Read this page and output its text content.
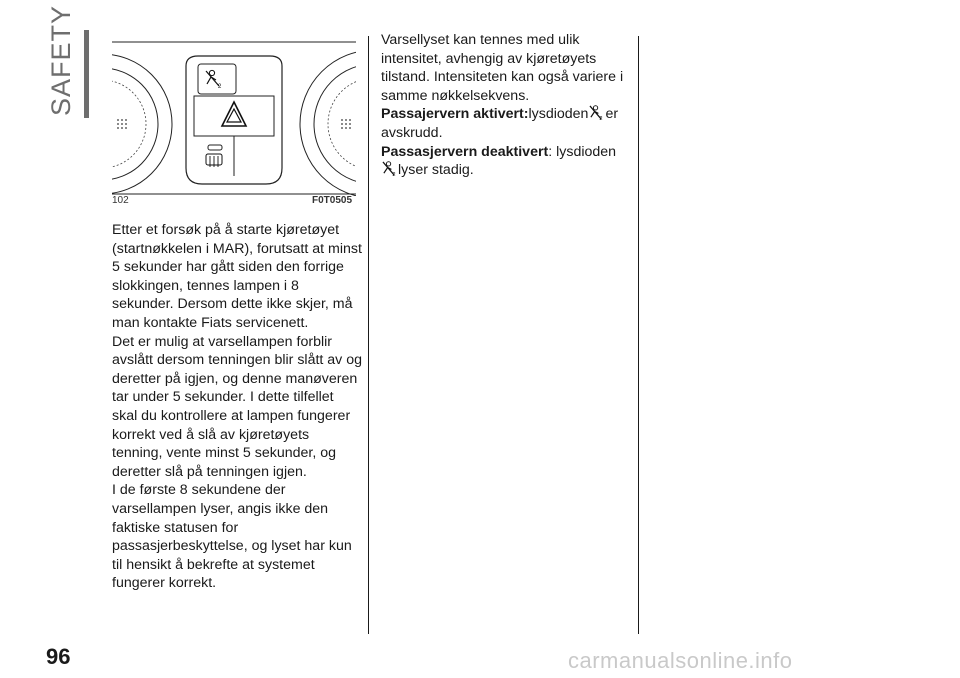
SAFETY	2
102	F0T0505

Etter et forsøk på å starte kjøretøyet (startnøkkelen i MAR), forutsatt at minst 5 sekunder har gått siden den forrige slokkingen, tennes lampen i 8 sekunder. Dersom dette ikke skjer, må man kontakte Fiats servicenett.

Det er mulig at varsellampen forblir avslått dersom tenningen blir slått av og deretter på igjen, og denne manøveren tar under 5 sekunder. I dette tilfellet skal du kontrollere at lampen fungerer korrekt ved å slå av kjøretøyets tenning, vente minst 5 sekunder, og deretter slå på tenningen igjen.

I de første 8 sekundene der varsellampen lyser, angis ikke den faktiske statusen for passasjerbeskyttelse, og lyset har kun til hensikt å bekrefte at systemet fungerer korrekt.

Varsellyset kan tennes med ulik intensitet, avhengig av kjøretøyets tilstand. Intensiteten kan også variere i samme nøkkelsekvens.

Passajervern aktivert:lysdioden 2 er avskrudd.

Passasjervern deaktivert: lysdioden
2 lyser stadig.

96	carmanualsonline.info
